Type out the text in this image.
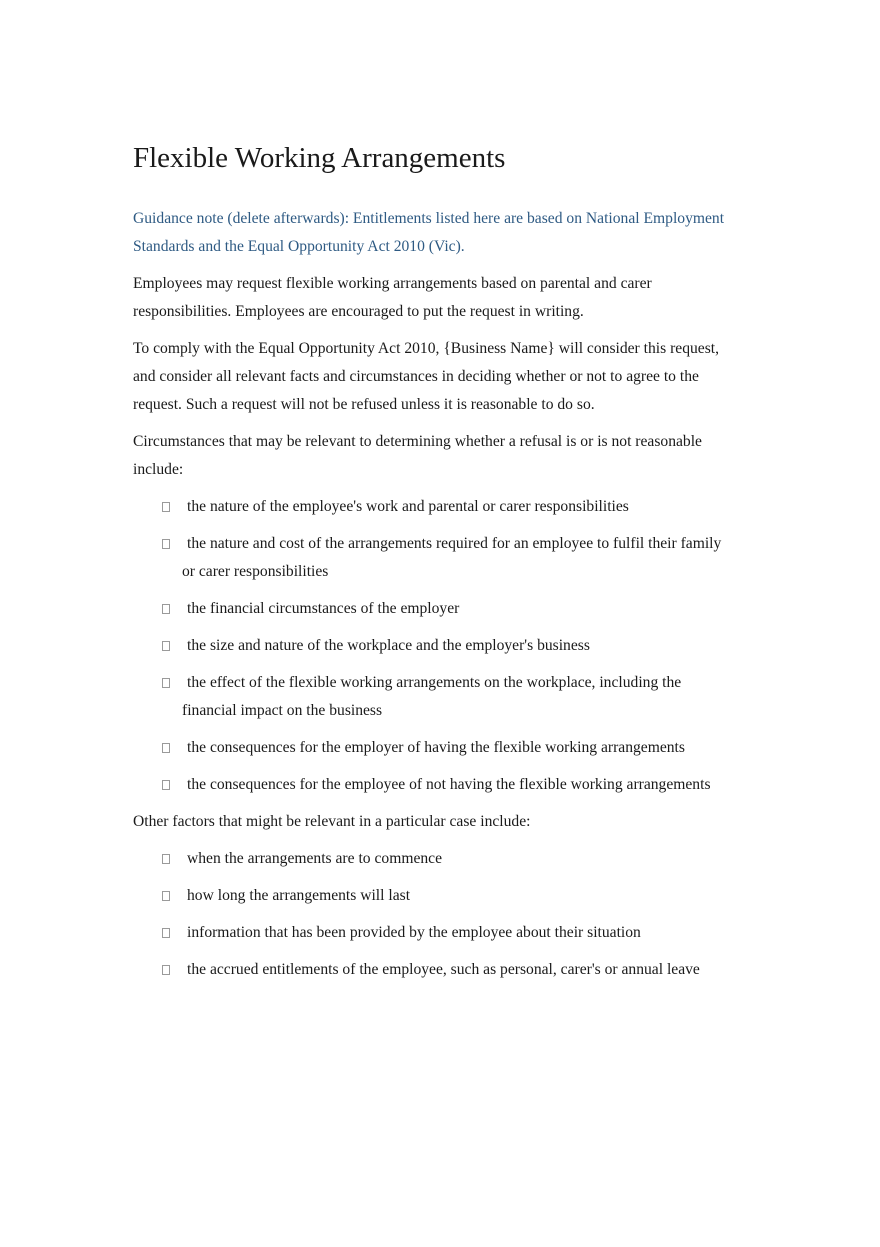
Flexible Working Arrangements

Guidance note (delete afterwards): Entitlements listed here are based on National Employment Standards and the Equal Opportunity Act 2010 (Vic).

Employees may request flexible working arrangements based on parental and carer responsibilities. Employees are encouraged to put the request in writing.

To comply with the Equal Opportunity Act 2010, {Business Name} will consider this request, and consider all relevant facts and circumstances in deciding whether or not to agree to the request. Such a request will not be refused unless it is reasonable to do so.

Circumstances that may be relevant to determining whether a refusal is or is not reasonable include:

the nature of the employee's work and parental or carer responsibilities
the nature and cost of the arrangements required for an employee to fulfil their family or carer responsibilities
the financial circumstances of the employer
the size and nature of the workplace and the employer's business
the effect of the flexible working arrangements on the workplace, including the financial impact on the business
the consequences for the employer of having the flexible working arrangements
the consequences for the employee of not having the flexible working arrangements

Other factors that might be relevant in a particular case include:

when the arrangements are to commence
how long the arrangements will last
information that has been provided by the employee about their situation
the accrued entitlements of the employee, such as personal, carer's or annual leave
